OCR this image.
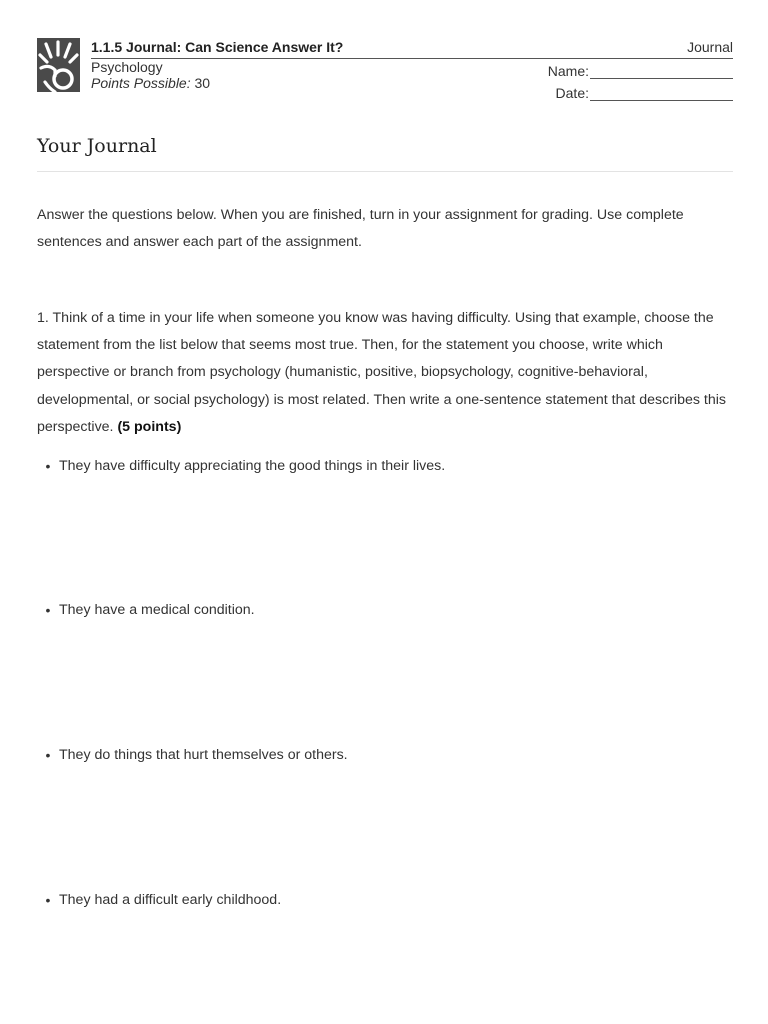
1.1.5 Journal: Can Science Answer It?	Journal
Psychology
Points Possible: 30
Name:
Date:
Your Journal
Answer the questions below. When you are finished, turn in your assignment for grading. Use complete sentences and answer each part of the assignment.
1. Think of a time in your life when someone you know was having difficulty. Using that example, choose the statement from the list below that seems most true. Then, for the statement you choose, write which perspective or branch from psychology (humanistic, positive, biopsychology, cognitive-behavioral, developmental, or social psychology) is most related. Then write a one-sentence statement that describes this perspective. (5 points)
• They have difficulty appreciating the good things in their lives.
• They have a medical condition.
• They do things that hurt themselves or others.
• They had a difficult early childhood.
